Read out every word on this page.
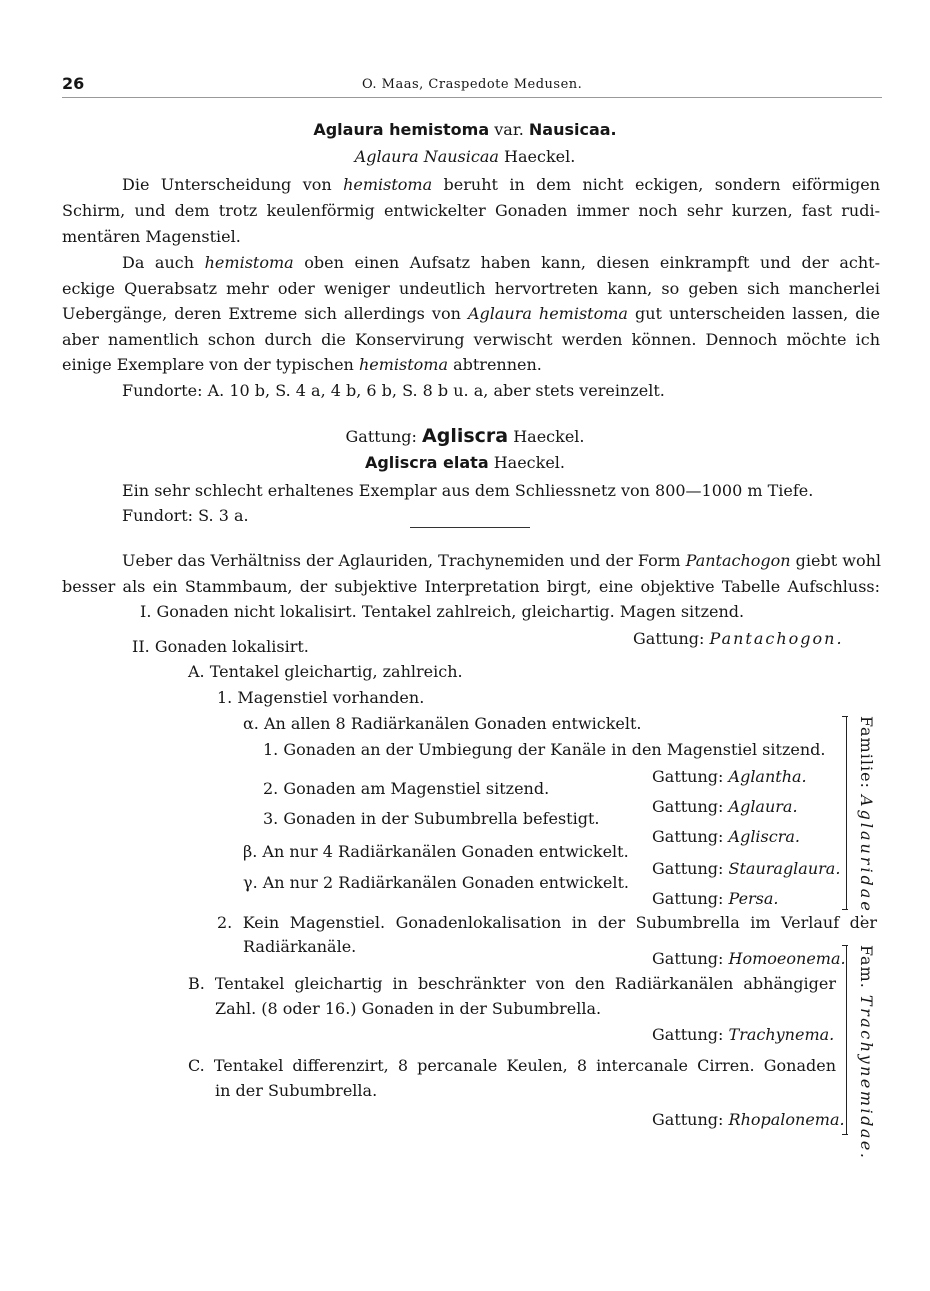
26	O. Maas, Craspedote Medusen.
Aglaura hemistoma var. Nausicaa.
Aglaura Nausicaa Haeckel.
Die Unterscheidung von hemistoma beruht in dem nicht eckigen, sondern eiförmigen
Schirm, und dem trotz keulenförmig entwickelter Gonaden immer noch sehr kurzen, fast rudi-
mentären Magenstiel.
Da auch hemistoma oben einen Aufsatz haben kann, diesen einkrampft und der acht-
eckige Querabsatz mehr oder weniger undeutlich hervortreten kann, so geben sich mancherlei
Uebergänge, deren Extreme sich allerdings von Aglaura hemistoma gut unterscheiden lassen, die
aber namentlich schon durch die Konservirung verwischt werden können. Dennoch möchte ich
einige Exemplare von der typischen hemistoma abtrennen.
Fundorte: A. 10 b, S. 4 a, 4 b, 6 b, S. 8 b u. a, aber stets vereinzelt.
Gattung: Agliscra Haeckel.
Agliscra elata Haeckel.
Ein sehr schlecht erhaltenes Exemplar aus dem Schliessnetz von 800—1000 m Tiefe.
Fundort: S. 3 a.
Ueber das Verhältniss der Aglauriden, Trachynemiden und der Form Pantachogon giebt wohl
besser als ein Stammbaum, der subjektive Interpretation birgt, eine objektive Tabelle Aufschluss:
I. Gonaden nicht lokalisirt. Tentakel zahlreich, gleichartig. Magen sitzend.
Gattung: Pantachogon.
II. Gonaden lokalisirt.
A. Tentakel gleichartig, zahlreich.
1. Magenstiel vorhanden.
α. An allen 8 Radiärkanälen Gonaden entwickelt.
1. Gonaden an der Umbiegung der Kanäle in den Magenstiel sitzend.
Gattung: Aglantha.
2. Gonaden am Magenstiel sitzend.
Gattung: Aglaura.
3. Gonaden in der Subumbrella befestigt.
Gattung: Agliscra.
β. An nur 4 Radiärkanälen Gonaden entwickelt.
Gattung: Stauraglaura.
γ. An nur 2 Radiärkanälen Gonaden entwickelt.
Gattung: Persa.
2. Kein Magenstiel. Gonadenlokalisation in der Subumbrella im Verlauf der
Radiärkanäle.
Gattung: Homoeonema.
B. Tentakel gleichartig in beschränkter von den Radiärkanälen abhängiger
Zahl. (8 oder 16.) Gonaden in der Subumbrella.
Gattung: Trachynema.
C. Tentakel differenzirt, 8 percanale Keulen, 8 intercanale Cirren. Gonaden
in der Subumbrella.
Gattung: Rhopalonema.
Familie: Aglauridae.
Fam. Trachynemidae.
